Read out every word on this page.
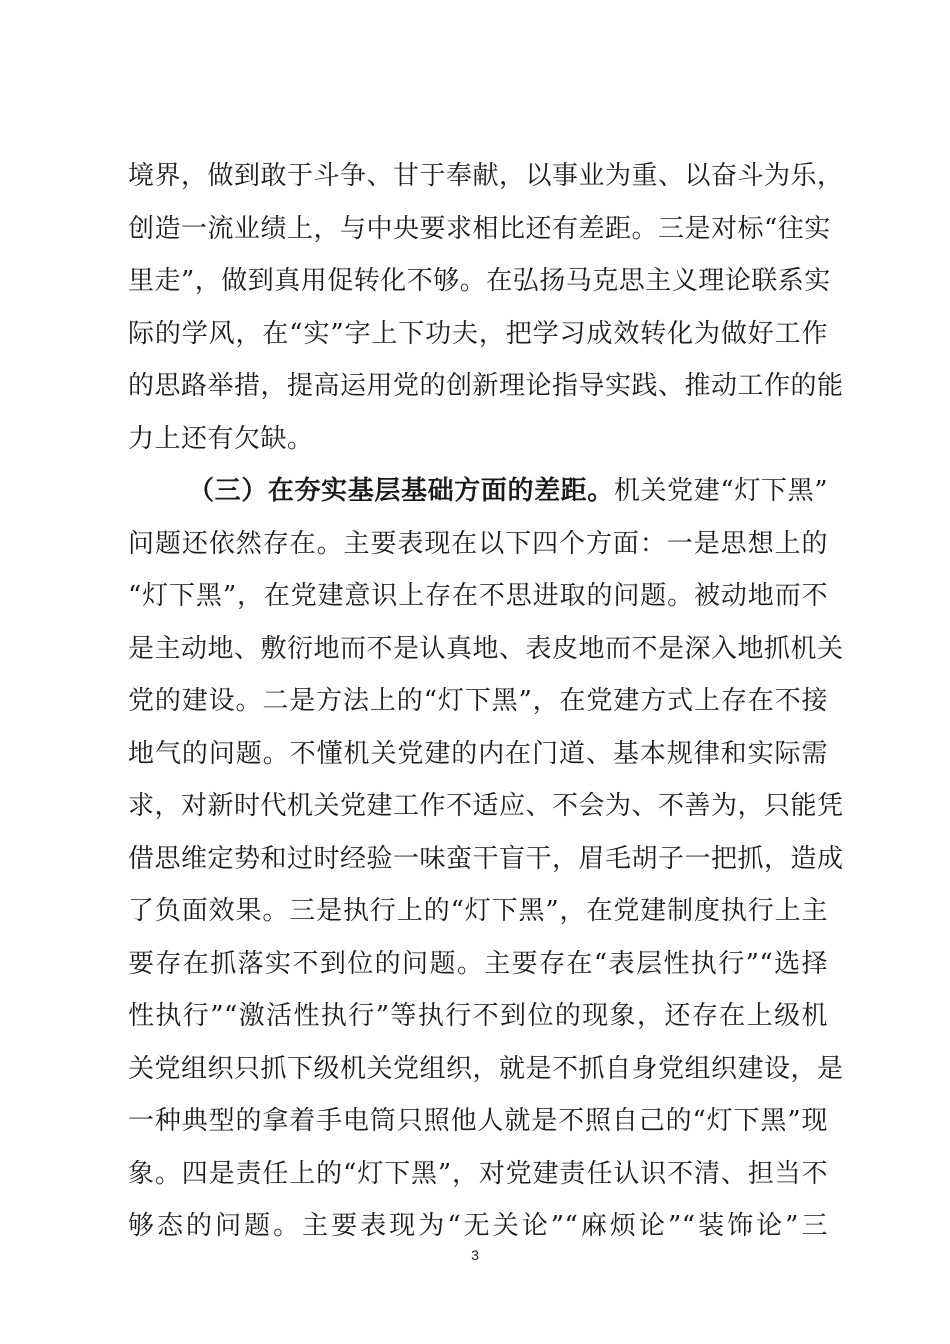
境界，做到敢于斗争、甘于奉献，以事业为重、以奋斗为乐，
创造一流业绩上，与中央要求相比还有差距。三是对标“往实
里走”，做到真用促转化不够。在弘扬马克思主义理论联系实
际的学风，在“实”字上下功夫，把学习成效转化为做好工作
的思路举措，提高运用党的创新理论指导实践、推动工作的能
力上还有欠缺。
（三）在夯实基层基础方面的差距。机关党建“灯下黑”
问题还依然存在。主要表现在以下四个方面：一是思想上的
“灯下黑”，在党建意识上存在不思进取的问题。被动地而不
是主动地、敷衍地而不是认真地、表皮地而不是深入地抓机关
党的建设。二是方法上的“灯下黑”，在党建方式上存在不接
地气的问题。不懂机关党建的内在门道、基本规律和实际需
求，对新时代机关党建工作不适应、不会为、不善为，只能凭
借思维定势和过时经验一味蛮干盲干，眉毛胡子一把抓，造成
了负面效果。三是执行上的“灯下黑”，在党建制度执行上主
要存在抓落实不到位的问题。主要存在“表层性执行”“选择
性执行”“激活性执行”等执行不到位的现象，还存在上级机
关党组织只抓下级机关党组织，就是不抓自身党组织建设，是
一种典型的拿着手电筒只照他人就是不照自己的“灯下黑”现
象。四是责任上的“灯下黑”，对党建责任认识不清、担当不
够态的问题。主要表现为“无关论”“麻烦论”“装饰论”三
3
